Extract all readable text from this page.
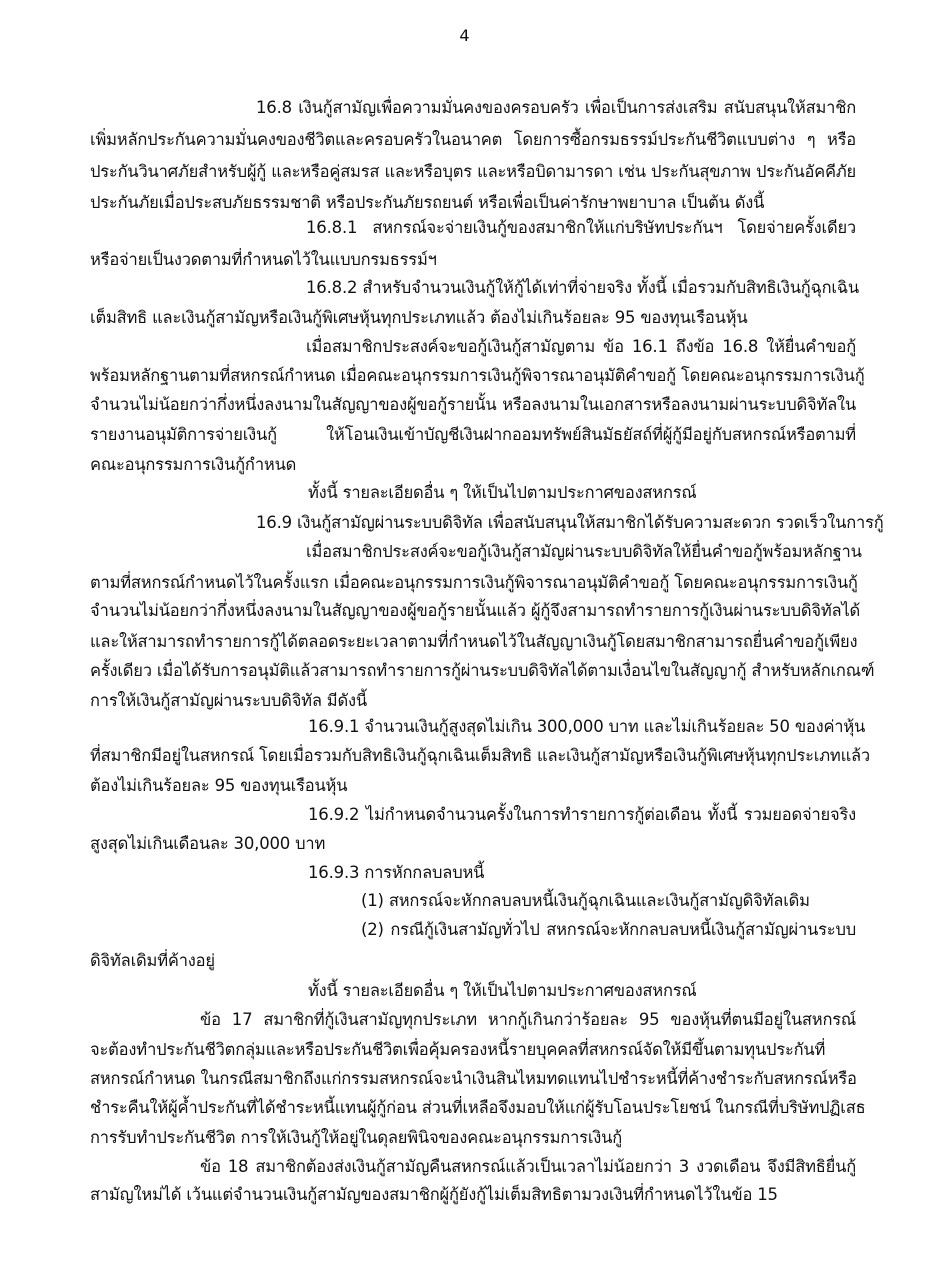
4
16.8 เงินกู้สามัญเพื่อความมั่นคงของครอบครัว เพื่อเป็นการส่งเสริม สนับสนุนให้สมาชิก
เพิ่มหลักประกันความมั่นคงของชีวิตและครอบครัวในอนาคต โดยการซื้อกรมธรรม์ประกันชีวิตแบบต่าง ๆ หรือ
ประกันวินาศภัยสำหรับผู้กู้ และหรือคู่สมรส และหรือบุตร และหรือบิดามารดา เช่น ประกันสุขภาพ ประกันอัคคีภัย
ประกันภัยเมื่อประสบภัยธรรมชาติ หรือประกันภัยรถยนต์ หรือเพื่อเป็นค่ารักษาพยาบาล เป็นต้น ดังนี้
16.8.1 สหกรณ์จะจ่ายเงินกู้ของสมาชิกให้แก่บริษัทประกันฯ โดยจ่ายครั้งเดียว
หรือจ่ายเป็นงวดตามที่กำหนดไว้ในแบบกรมธรรม์ฯ
16.8.2 สำหรับจำนวนเงินกู้ให้กู้ได้เท่าที่จ่ายจริง ทั้งนี้ เมื่อรวมกับสิทธิเงินกู้ฉุกเฉิน
เต็มสิทธิ และเงินกู้สามัญหรือเงินกู้พิเศษหุ้นทุกประเภทแล้ว ต้องไม่เกินร้อยละ 95 ของทุนเรือนหุ้น
เมื่อสมาชิกประสงค์จะขอกู้เงินกู้สามัญตาม ข้อ 16.1 ถึงข้อ 16.8 ให้ยื่นคำขอกู้
พร้อมหลักฐานตามที่สหกรณ์กำหนด เมื่อคณะอนุกรรมการเงินกู้พิจารณาอนุมัติคำขอกู้ โดยคณะอนุกรรมการเงินกู้
จำนวนไม่น้อยกว่ากึ่งหนึ่งลงนามในสัญญาของผู้ขอกู้รายนั้น หรือลงนามในเอกสารหรือลงนามผ่านระบบดิจิทัลใน
รายงานอนุมัติการจ่ายเงินกู้ ให้โอนเงินเข้าบัญชีเงินฝากออมทรัพย์สินมัธยัสถ์ที่ผู้กู้มีอยู่กับสหกรณ์หรือตามที่
คณะอนุกรรมการเงินกู้กำหนด
ทั้งนี้ รายละเอียดอื่น ๆ ให้เป็นไปตามประกาศของสหกรณ์
16.9 เงินกู้สามัญผ่านระบบดิจิทัล เพื่อสนับสนุนให้สมาชิกได้รับความสะดวก รวดเร็วในการกู้
เมื่อสมาชิกประสงค์จะขอกู้เงินกู้สามัญผ่านระบบดิจิทัลให้ยื่นคำขอกู้พร้อมหลักฐาน
ตามที่สหกรณ์กำหนดไว้ในครั้งแรก เมื่อคณะอนุกรรมการเงินกู้พิจารณาอนุมัติคำขอกู้ โดยคณะอนุกรรมการเงินกู้
จำนวนไม่น้อยกว่ากึ่งหนึ่งลงนามในสัญญาของผู้ขอกู้รายนั้นแล้ว ผู้กู้จึงสามารถทำรายการกู้เงินผ่านระบบดิจิทัลได้
และให้สามารถทำรายการกู้ได้ตลอดระยะเวลาตามที่กำหนดไว้ในสัญญาเงินกู้โดยสมาชิกสามารถยื่นคำขอกู้เพียง
ครั้งเดียว เมื่อได้รับการอนุมัติแล้วสามารถทำรายการกู้ผ่านระบบดิจิทัลได้ตามเงื่อนไขในสัญญากู้ สำหรับหลักเกณฑ์
การให้เงินกู้สามัญผ่านระบบดิจิทัล มีดังนี้
16.9.1 จำนวนเงินกู้สูงสุดไม่เกิน 300,000 บาท และไม่เกินร้อยละ 50 ของค่าหุ้น
ที่สมาชิกมีอยู่ในสหกรณ์ โดยเมื่อรวมกับสิทธิเงินกู้ฉุกเฉินเต็มสิทธิ และเงินกู้สามัญหรือเงินกู้พิเศษหุ้นทุกประเภทแล้ว
ต้องไม่เกินร้อยละ 95 ของทุนเรือนหุ้น
16.9.2 ไม่กำหนดจำนวนครั้งในการทำรายการกู้ต่อเดือน ทั้งนี้ รวมยอดจ่ายจริง
สูงสุดไม่เกินเดือนละ 30,000 บาท
16.9.3 การหักกลบลบหนี้
(1) สหกรณ์จะหักกลบลบหนี้เงินกู้ฉุกเฉินและเงินกู้สามัญดิจิทัลเดิม
(2) กรณีกู้เงินสามัญทั่วไป สหกรณ์จะหักกลบลบหนี้เงินกู้สามัญผ่านระบบ
ดิจิทัลเดิมที่ค้างอยู่
ทั้งนี้ รายละเอียดอื่น ๆ ให้เป็นไปตามประกาศของสหกรณ์
ข้อ 17 สมาชิกที่กู้เงินสามัญทุกประเภท หากกู้เกินกว่าร้อยละ 95 ของหุ้นที่ตนมีอยู่ในสหกรณ์
จะต้องทำประกันชีวิตกลุ่มและหรือประกันชีวิตเพื่อคุ้มครองหนี้รายบุคคลที่สหกรณ์จัดให้มีขึ้นตามทุนประกันที่
สหกรณ์กำหนด ในกรณีสมาชิกถึงแก่กรรมสหกรณ์จะนำเงินสินไหมทดแทนไปชำระหนี้ที่ค้างชำระกับสหกรณ์หรือ
ชำระคืนให้ผู้ค้ำประกันที่ได้ชำระหนี้แทนผู้กู้ก่อน ส่วนที่เหลือจึงมอบให้แก่ผู้รับโอนประโยชน์ ในกรณีที่บริษัทปฏิเสธ
การรับทำประกันชีวิต การให้เงินกู้ให้อยู่ในดุลยพินิจของคณะอนุกรรมการเงินกู้
ข้อ 18 สมาชิกต้องส่งเงินกู้สามัญคืนสหกรณ์แล้วเป็นเวลาไม่น้อยกว่า 3 งวดเดือน จึงมีสิทธิยื่นกู้
สามัญใหม่ได้ เว้นแต่จำนวนเงินกู้สามัญของสมาชิกผู้กู้ยังกู้ไม่เต็มสิทธิตามวงเงินที่กำหนดไว้ในข้อ 15
